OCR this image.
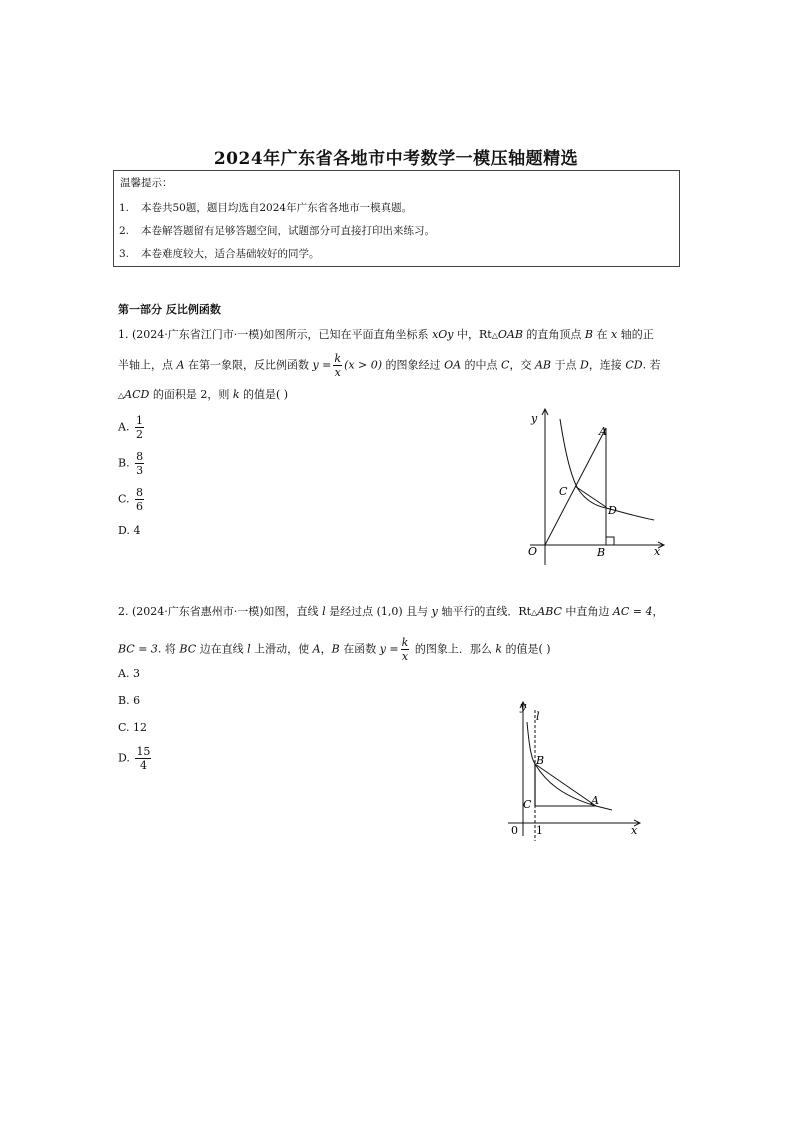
2024年广东省各地市中考数学一模压轴题精选
温馨提示：
1. 本卷共50题，题目均选自2024年广东省各地市一模真题。
2. 本卷解答题留有足够答题空间，试题部分可直接打印出来练习。
3. 本卷难度较大，适合基础较好的同学。
第一部分 反比例函数
1. (2024·广东省江门市·一模)如图所示，已知在平面直角坐标系 xOy 中，Rt△OAB 的直角顶点 B 在 x 轴的正
半轴上，点 A 在第一象限，反比例函数 $y = \frac{k}{x} (x > 0)$ 的图象经过 OA 的中点 C，交 AB 于点 D，连接 CD. 若
△ACD 的面积是 2，则 k 的值是( )
A. $\frac{1}{2}$
B. $\frac{8}{3}$
C. $\frac{8}{6}$
D. 4
y
x
O
A
B
C
D
2. (2024·广东省惠州市·一模)如图，直线 l 是经过点 (1,0) 且与 y 轴平行的直线．Rt△ABC 中直角边 AC = 4，
BC = 3. 将 BC 边在直线 l 上滑动，使 A，B 在函数 $y = \frac{k}{x}$ 的图象上．那么 k 的值是( )
A. 3
B. 6
C. 12
D. $\frac{15}{4}$
y
l
B
C	A
0 1	x
